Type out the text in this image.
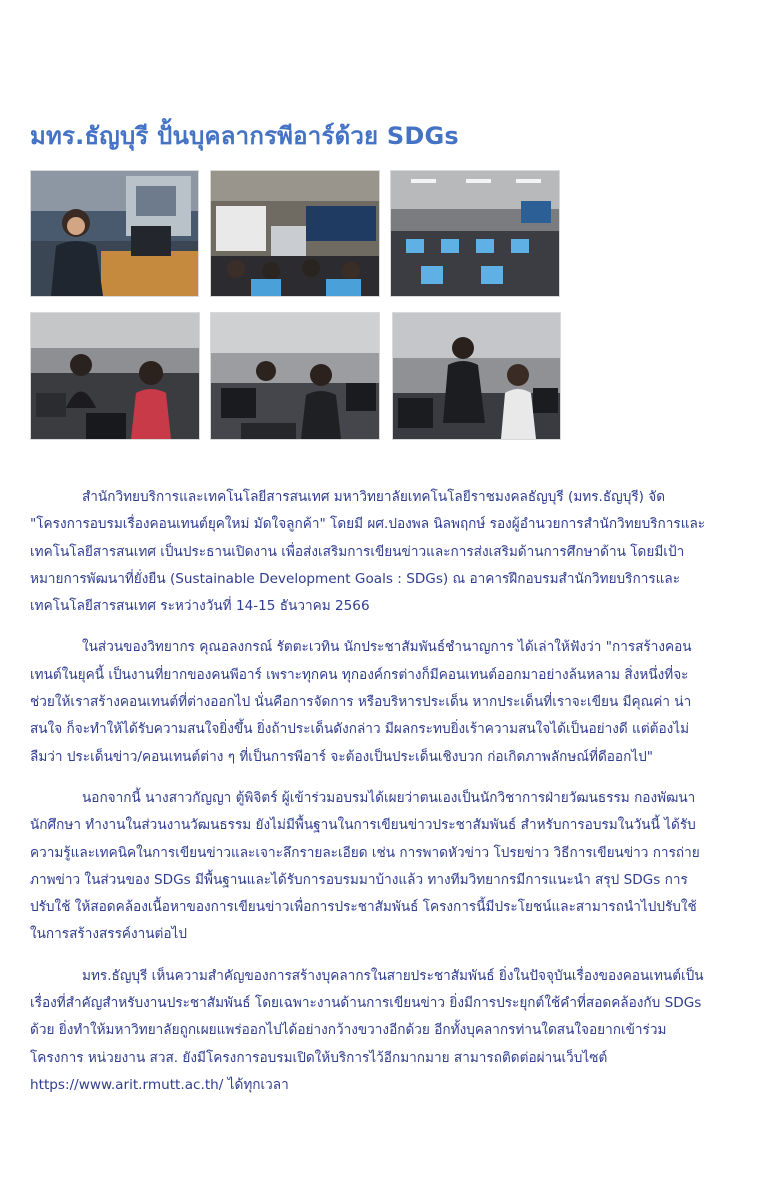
มทร.ธัญบุรี ปั้นบุคลากรพีอาร์ด้วย SDGs

สำนักวิทยบริการและเทคโนโลยีสารสนเทศ มหาวิทยาลัยเทคโนโลยีราชมงคลธัญบุรี (มทร.ธัญบุรี) จัด "โครงการอบรมเรื่องคอนเทนต์ยุคใหม่ มัดใจลูกค้า" โดยมี ผศ.ปองพล นิลพฤกษ์ รองผู้อำนวยการสำนักวิทยบริการและเทคโนโลยีสารสนเทศ เป็นประธานเปิดงาน เพื่อส่งเสริมการเขียนข่าวและการส่งเสริมด้านการศึกษาด้าน โดยมีเป้าหมายการพัฒนาที่ยั่งยืน (Sustainable Development Goals : SDGs) ณ อาคารฝึกอบรมสำนักวิทยบริการและเทคโนโลยีสารสนเทศ ระหว่างวันที่ 14-15 ธันวาคม 2566

ในส่วนของวิทยากร คุณอลงกรณ์ รัตตะเวทิน นักประชาสัมพันธ์ชำนาญการ ได้เล่าให้ฟังว่า "การสร้างคอนเทนต์ในยุคนี้ เป็นงานที่ยากของคนพีอาร์ เพราะทุกคน ทุกองค์กรต่างก็มีคอนเทนต์ออกมาอย่างล้นหลาม สิ่งหนึ่งที่จะช่วยให้เราสร้างคอนเทนต์ที่ต่างออกไป นั่นคือการจัดการ หรือบริหารประเด็น หากประเด็นที่เราจะเขียน มีคุณค่า น่าสนใจ ก็จะทำให้ได้รับความสนใจยิ่งขึ้น ยิ่งถ้าประเด็นดังกล่าว มีผลกระทบยิ่งเร้าความสนใจได้เป็นอย่างดี แต่ต้องไม่ลืมว่า ประเด็นข่าว/คอนเทนต์ต่าง ๆ ที่เป็นการพีอาร์ จะต้องเป็นประเด็นเชิงบวก ก่อเกิดภาพลักษณ์ที่ดีออกไป"

นอกจากนี้ นางสาวกัญญา ตู้พิจิตร์ ผู้เข้าร่วมอบรมได้เผยว่าตนเองเป็นนักวิชาการฝ่ายวัฒนธรรม กองพัฒนานักศึกษา ทำงานในส่วนงานวัฒนธรรม ยังไม่มีพื้นฐานในการเขียนข่าวประชาสัมพันธ์ สำหรับการอบรมในวันนี้ ได้รับความรู้และเทคนิคในการเขียนข่าวและเจาะลึกรายละเอียด เช่น การพาดหัวข่าว โปรยข่าว วิธีการเขียนข่าว การถ่ายภาพข่าว ในส่วนของ SDGs มีพื้นฐานและได้รับการอบรมมาบ้างแล้ว ทางทีมวิทยากรมีการแนะนำ สรุป SDGs การปรับใช้ ให้สอดคล้องเนื้อหาของการเขียนข่าวเพื่อการประชาสัมพันธ์ โครงการนี้มีประโยชน์และสามารถนำไปปรับใช้ในการสร้างสรรค์งานต่อไป

มทร.ธัญบุรี เห็นความสำคัญของการสร้างบุคลากรในสายประชาสัมพันธ์ ยิ่งในปัจจุบันเรื่องของคอนเทนต์เป็นเรื่องที่สำคัญสำหรับงานประชาสัมพันธ์ โดยเฉพาะงานด้านการเขียนข่าว ยิ่งมีการประยุกต์ใช้คำที่สอดคล้องกับ SDGs ด้วย ยิ่งทำให้มหาวิทยาลัยถูกเผยแพร่ออกไปได้อย่างกว้างขวางอีกด้วย อีกทั้งบุคลากรท่านใดสนใจอยากเข้าร่วมโครงการ หน่วยงาน สวส. ยังมีโครงการอบรมเปิดให้บริการไว้อีกมากมาย สามารถติดต่อผ่านเว็บไซต์ https://www.arit.rmutt.ac.th/ ได้ทุกเวลา
